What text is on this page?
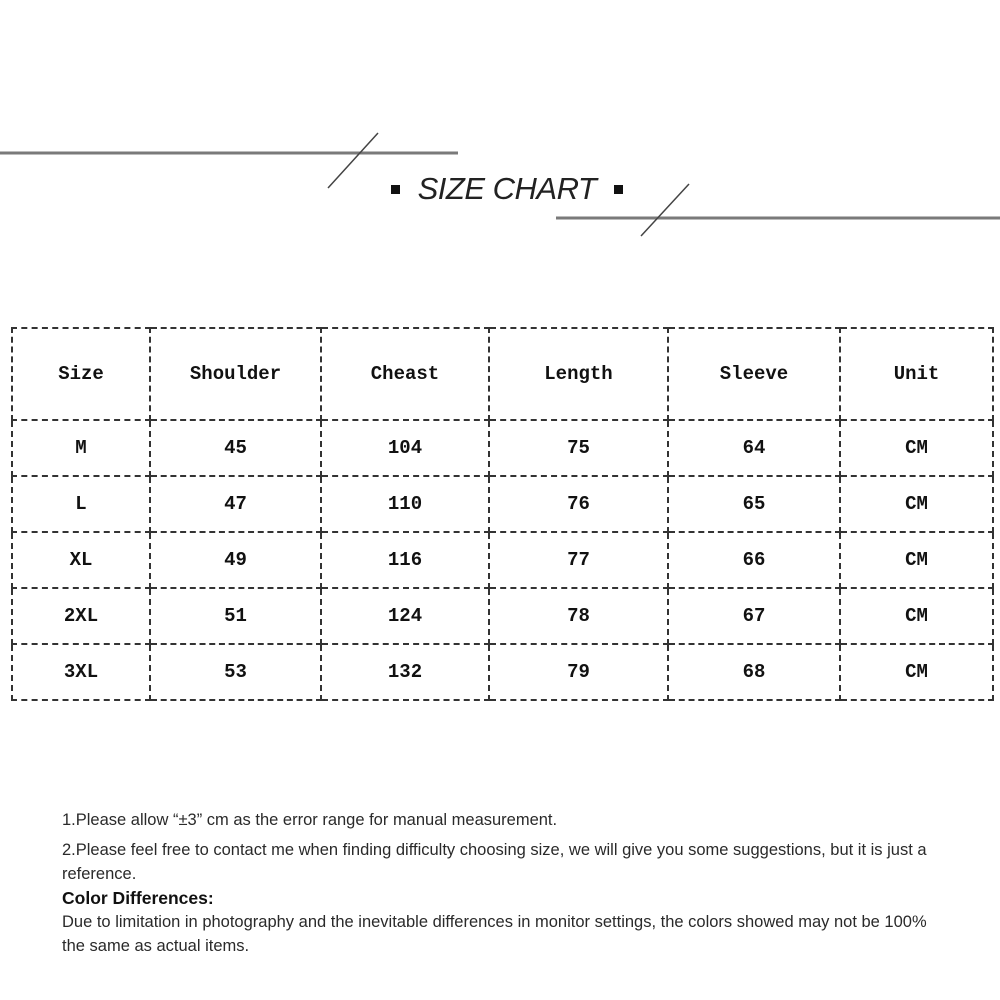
SIZE CHART
Size	Shoulder	Cheast	Length	Sleeve	Unit
M	45	104	75	64	CM
L	47	110	76	65	CM
XL	49	116	77	66	CM
2XL	51	124	78	67	CM
3XL	53	132	79	68	CM

1.Please allow “±3” cm as the error range for manual measurement.

2.Please feel free to contact me when finding difficulty choosing size, we will give you some suggestions, but it is just a reference.

Color Differences:

Due to limitation in photography and the inevitable differences in monitor settings, the colors showed may not be 100% the same as actual items.
